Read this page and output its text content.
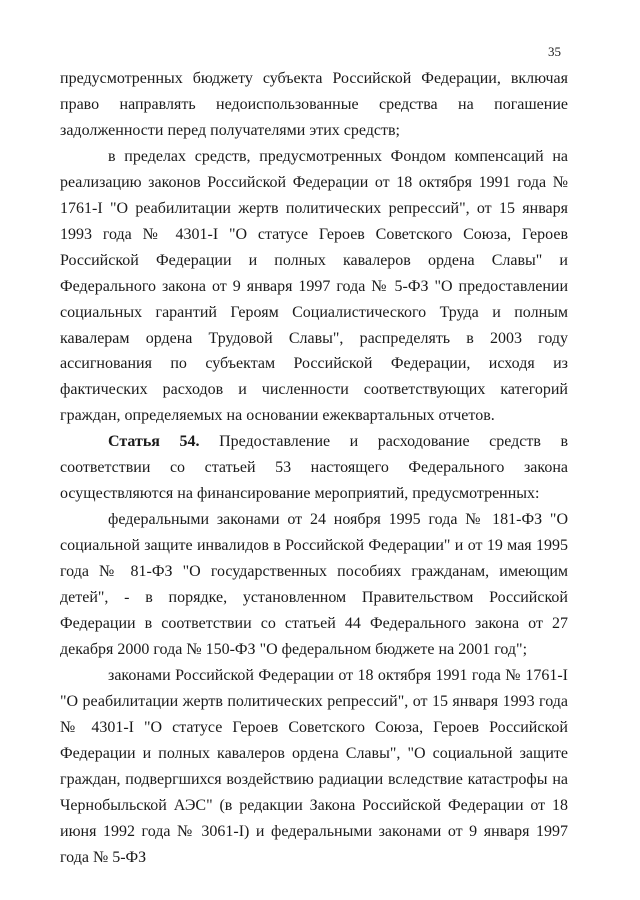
35

предусмотренных бюджету субъекта Российской Федерации, включая право направлять недоиспользованные средства на погашение задолженности перед получателями этих средств;

в пределах средств, предусмотренных Фондом компенсаций на реализацию законов Российской Федерации от 18 октября 1991 года № 1761-I "О реабилитации жертв политических репрессий", от 15 января 1993 года № 4301-I "О статусе Героев Советского Союза, Героев Российской Федерации и полных кавалеров ордена Славы" и Федерального закона от 9 января 1997 года № 5-ФЗ "О предоставлении социальных гарантий Героям Социалистического Труда и полным кавалерам ордена Трудовой Славы", распределять в 2003 году ассигнования по субъектам Российской Федерации, исходя из фактических расходов и численности соответствующих категорий граждан, определяемых на основании ежеквартальных отчетов.

Статья 54. Предоставление и расходование средств в соответствии со статьей 53 настоящего Федерального закона осуществляются на финансирование мероприятий, предусмотренных:

федеральными законами от 24 ноября 1995 года № 181-ФЗ "О социальной защите инвалидов в Российской Федерации" и от 19 мая 1995 года № 81-ФЗ "О государственных пособиях гражданам, имеющим детей", - в порядке, установленном Правительством Российской Федерации в соответствии со статьей 44 Федерального закона от 27 декабря 2000 года № 150-ФЗ "О федеральном бюджете на 2001 год";

законами Российской Федерации от 18 октября 1991 года № 1761-I "О реабилитации жертв политических репрессий", от 15 января 1993 года № 4301-I "О статусе Героев Советского Союза, Героев Российской Федерации и полных кавалеров ордена Славы", "О социальной защите граждан, подвергшихся воздействию радиации вследствие катастрофы на Чернобыльской АЭС" (в редакции Закона Российской Федерации от 18 июня 1992 года № 3061-I) и федеральными законами от 9 января 1997 года № 5-ФЗ
